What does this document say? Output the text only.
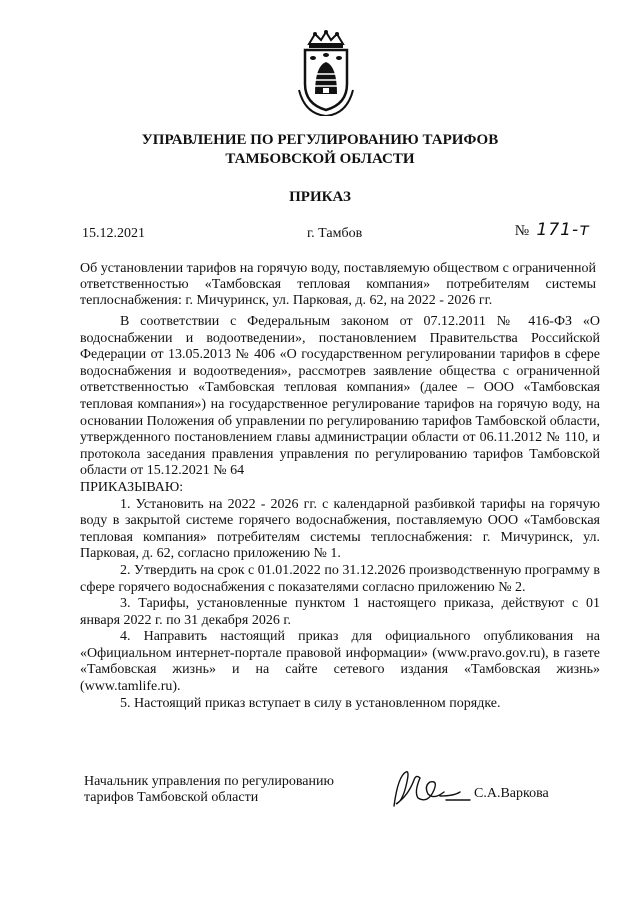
УПРАВЛЕНИЕ ПО РЕГУЛИРОВАНИЮ ТАРИФОВ
ТАМБОВСКОЙ ОБЛАСТИ
ПРИКАЗ
15.12.2021	г. Тамбов	№ 171-т
Об установлении тарифов на горячую воду, поставляемую обществом с ограниченной ответственностью «Тамбовская тепловая компания» потребителям системы теплоснабжения: г. Мичуринск, ул. Парковая, д. 62, на 2022 - 2026 гг.

В соответствии с Федеральным законом от 07.12.2011 № 416-ФЗ «О водоснабжении и водоотведении», постановлением Правительства Российской Федерации от 13.05.2013 № 406 «О государственном регулировании тарифов в сфере водоснабжения и водоотведения», рассмотрев заявление общества с ограниченной ответственностью «Тамбовская тепловая компания» (далее – ООО «Тамбовская тепловая компания») на государственное регулирование тарифов на горячую воду, на основании Положения об управлении по регулированию тарифов Тамбовской области, утвержденного постановлением главы администрации области от 06.11.2012 № 110, и протокола заседания правления управления по регулированию тарифов Тамбовской области от 15.12.2021 № 64

ПРИКАЗЫВАЮ:

1. Установить на 2022 - 2026 гг. с календарной разбивкой тарифы на горячую воду в закрытой системе горячего водоснабжения, поставляемую ООО «Тамбовская тепловая компания» потребителям системы теплоснабжения: г. Мичуринск, ул. Парковая, д. 62, согласно приложению № 1.

2. Утвердить на срок с 01.01.2022 по 31.12.2026 производственную программу в сфере горячего водоснабжения с показателями согласно приложению № 2.

3. Тарифы, установленные пунктом 1 настоящего приказа, действуют с 01 января 2022 г. по 31 декабря 2026 г.

4. Направить настоящий приказ для официального опубликования на «Официальном интернет-портале правовой информации» (www.pravo.gov.ru), в газете «Тамбовская жизнь» и на сайте сетевого издания «Тамбовская жизнь» (www.tamlife.ru).

5. Настоящий приказ вступает в силу в установленном порядке.

Начальник управления по регулированию
тарифов Тамбовской области	С.А.Варкова
